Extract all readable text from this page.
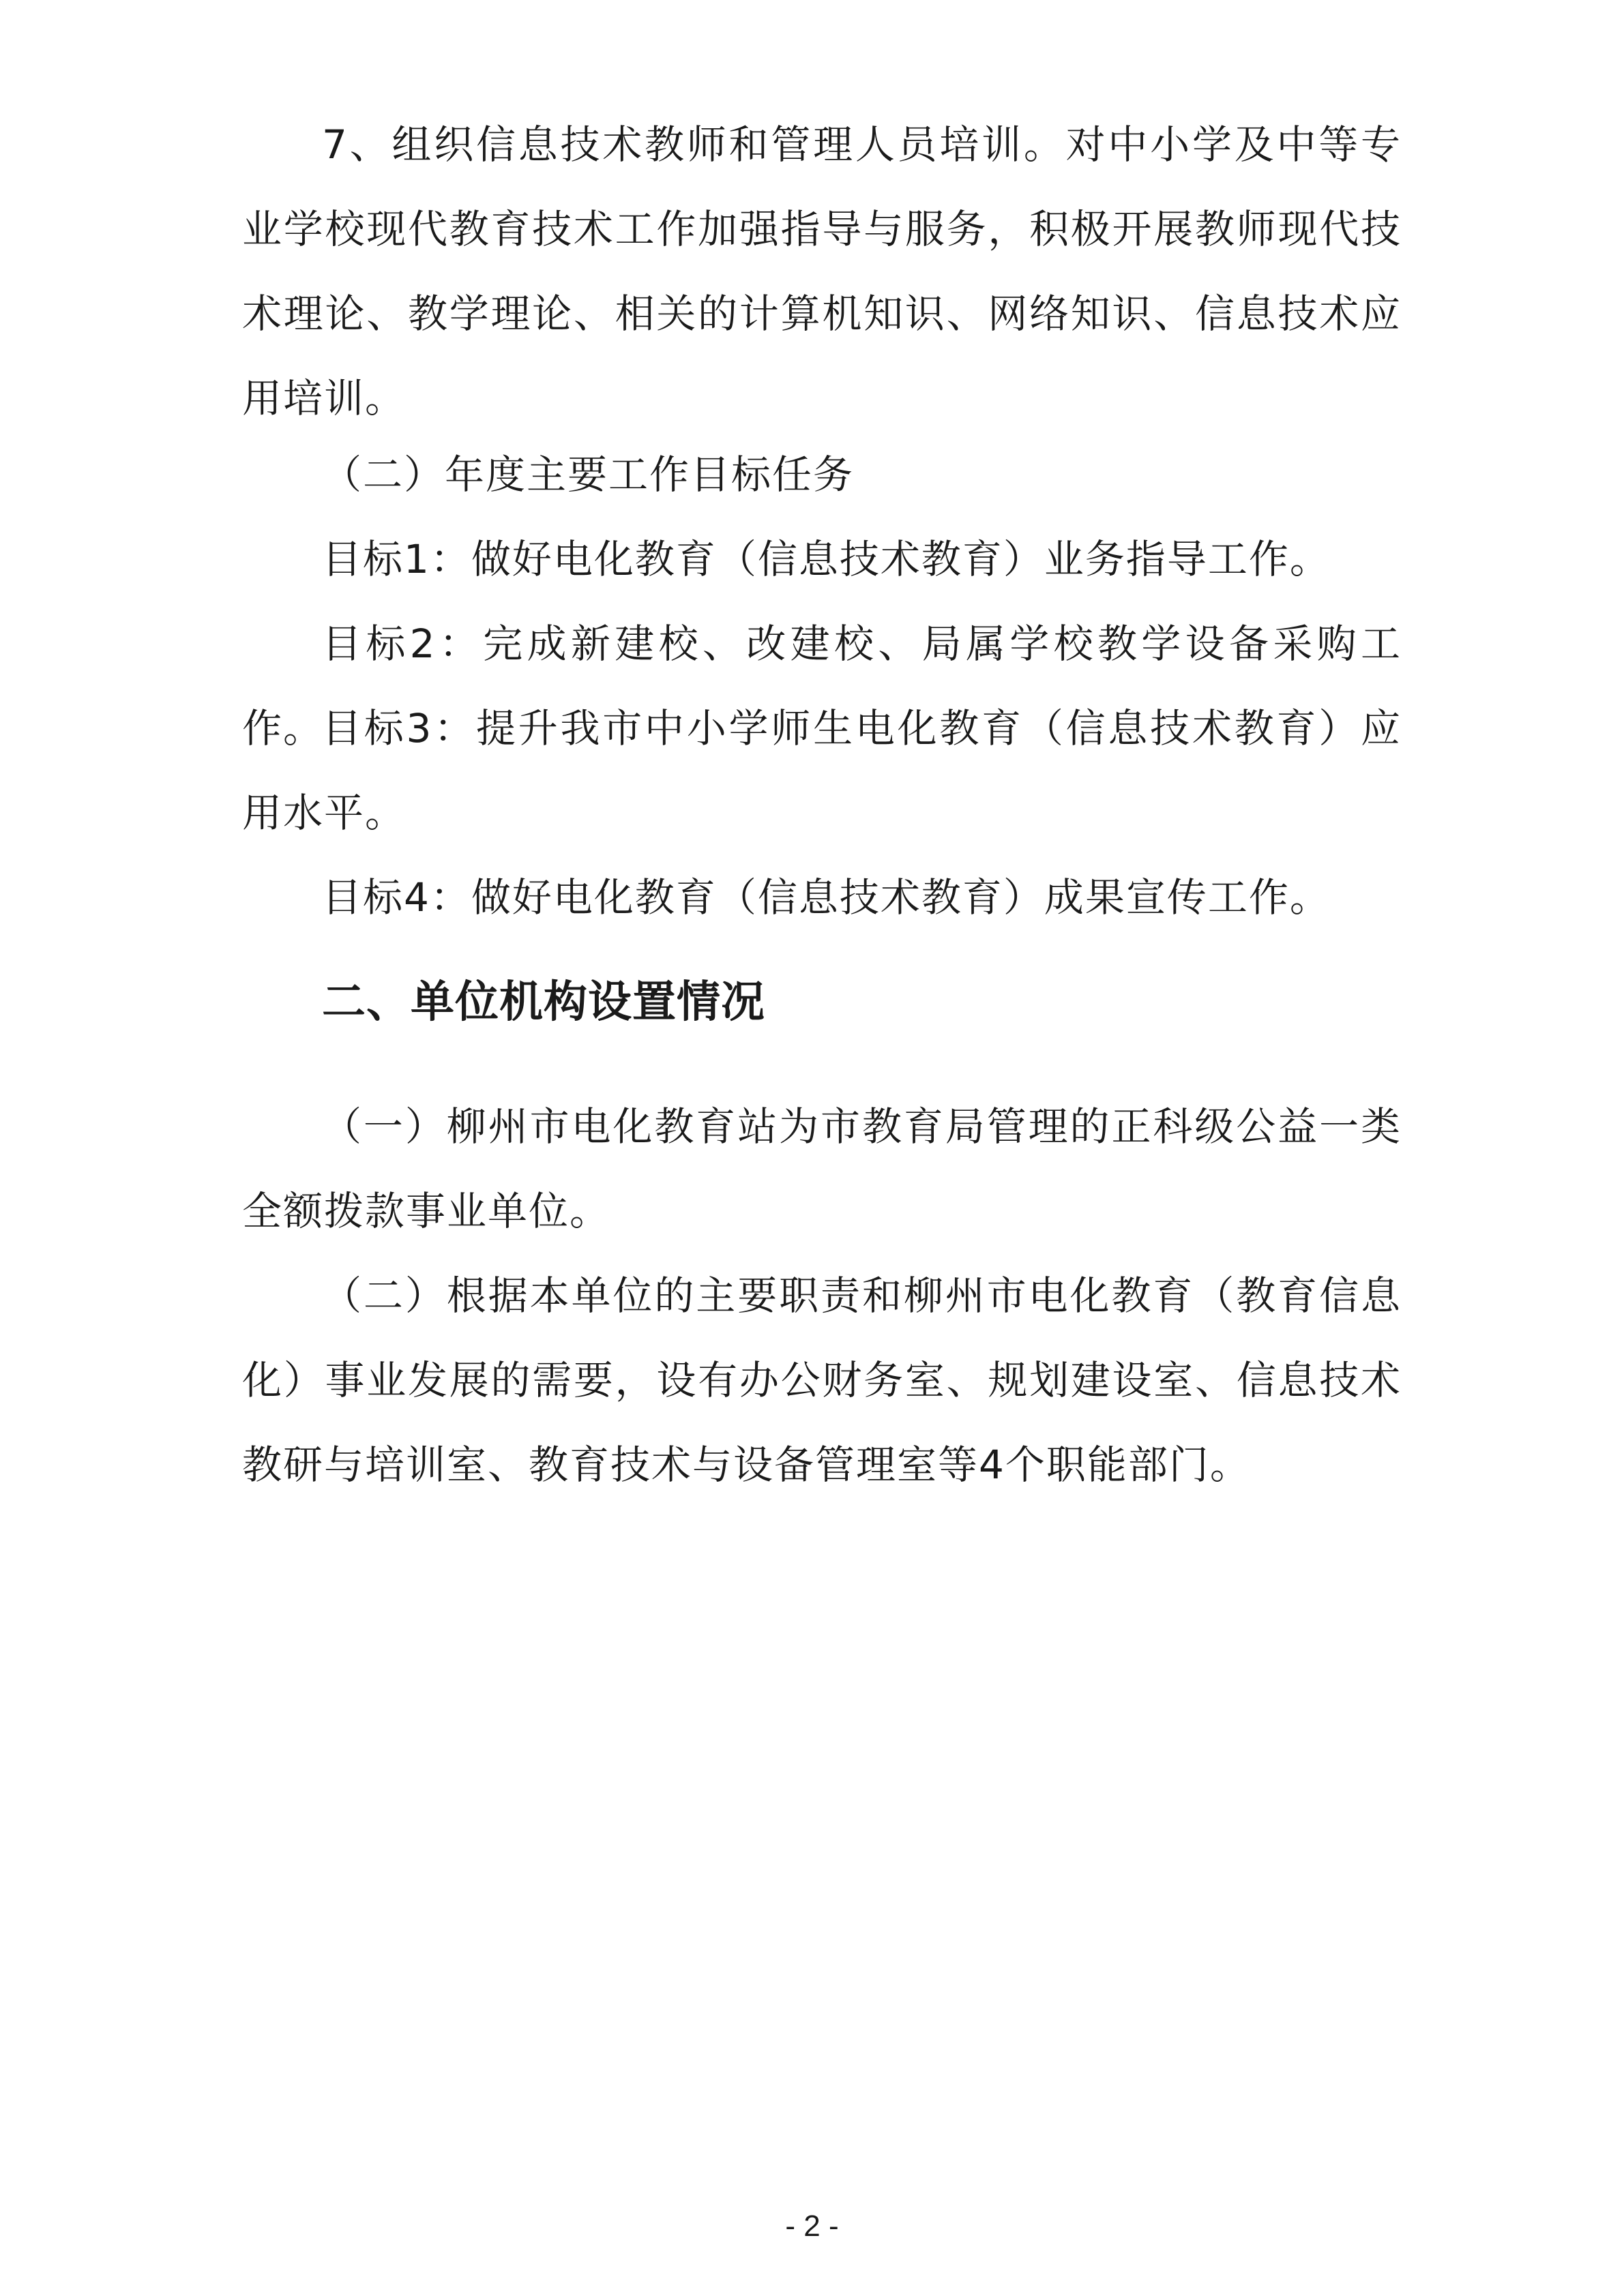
7、组织信息技术教师和管理人员培训。对中小学及中等专业学校现代教育技术工作加强指导与服务，积极开展教师现代技术理论、教学理论、相关的计算机知识、网络知识、信息技术应用培训。

（二）年度主要工作目标任务

目标1：做好电化教育（信息技术教育）业务指导工作。

目标2：完成新建校、改建校、局属学校教学设备采购工作。

目标3：提升我市中小学师生电化教育（信息技术教育）应用水平。

目标4：做好电化教育（信息技术教育）成果宣传工作。

二、单位机构设置情况

（一）柳州市电化教育站为市教育局管理的正科级公益一类全额拨款事业单位。

（二）根据本单位的主要职责和柳州市电化教育（教育信息化）事业发展的需要，设有办公财务室、规划建设室、信息技术教研与培训室、教育技术与设备管理室等4个职能部门。

- 2 -
